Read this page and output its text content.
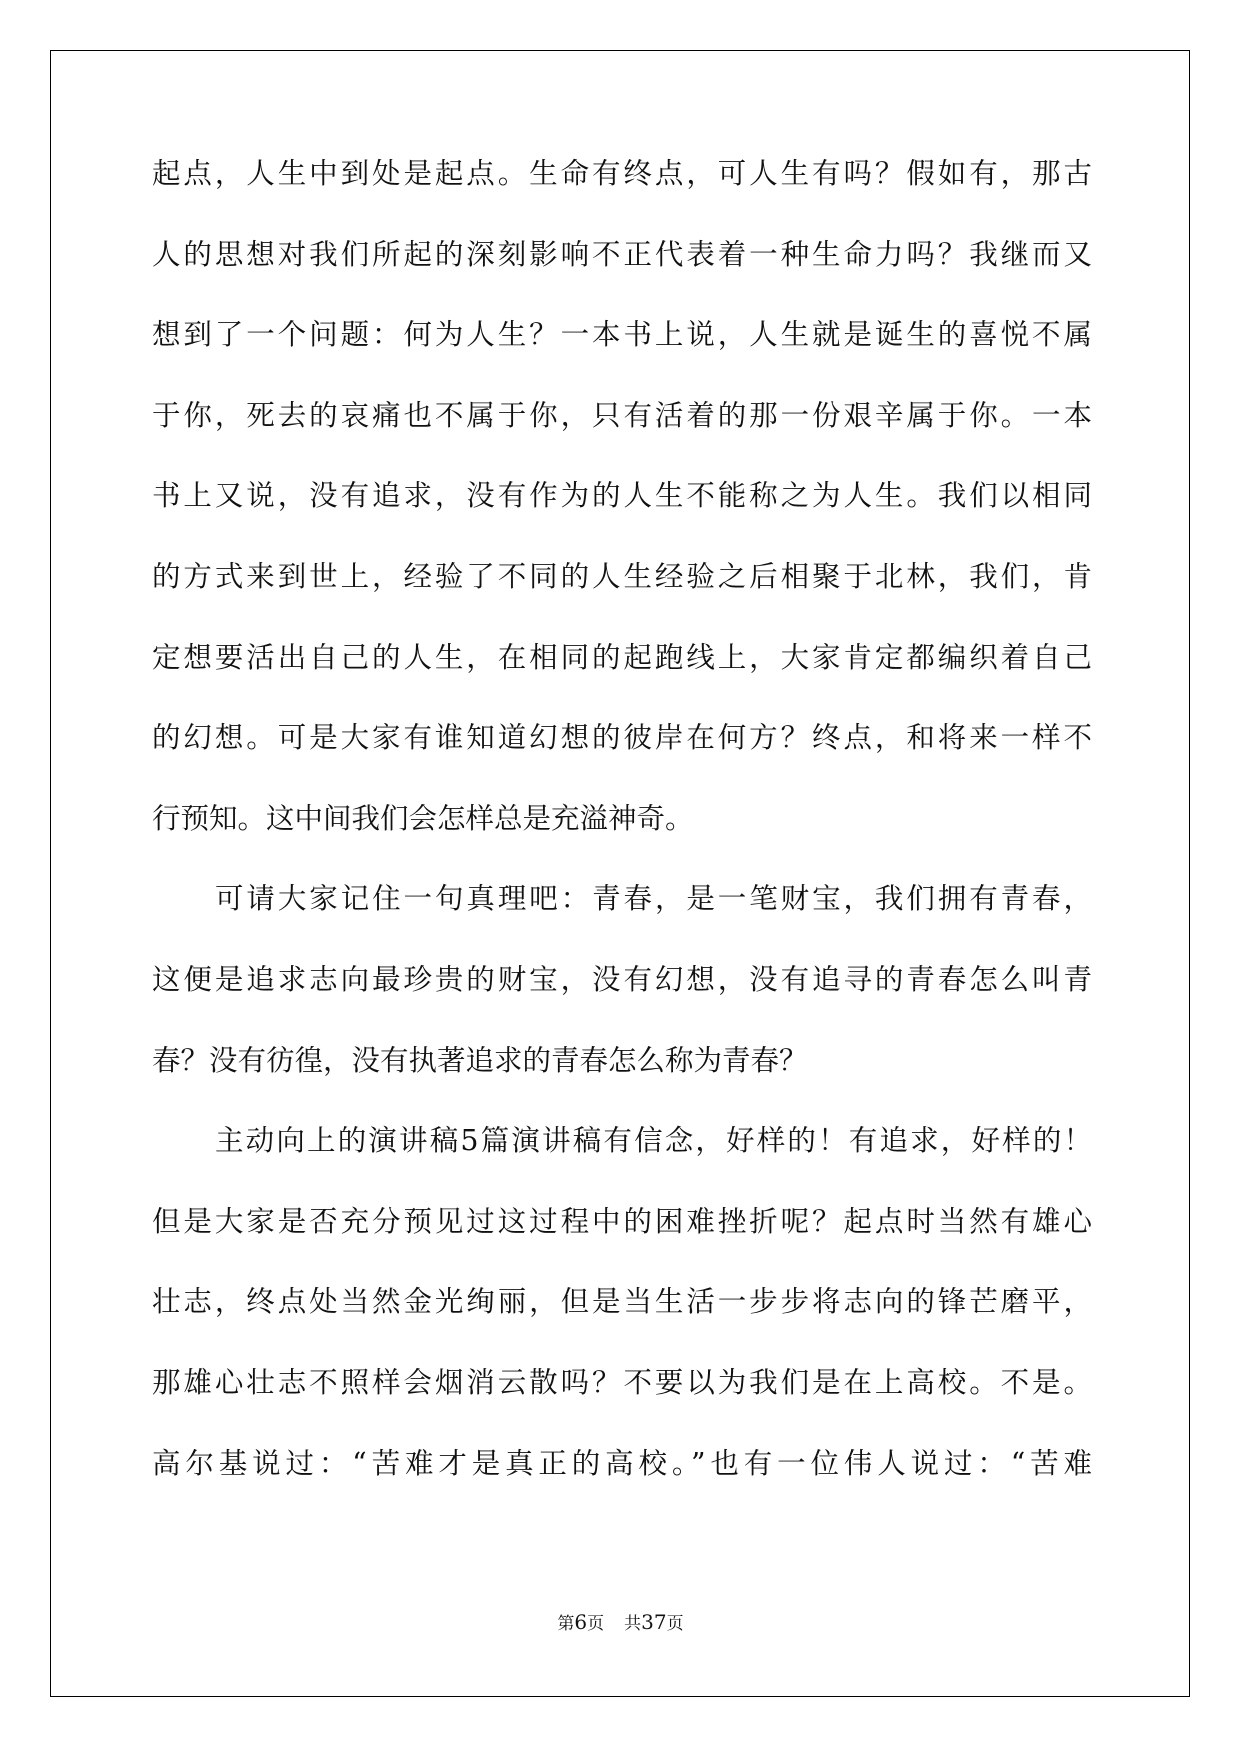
起点，人生中到处是起点。生命有终点，可人生有吗？假如有，那古
人的思想对我们所起的深刻影响不正代表着一种生命力吗？我继而又
想到了一个问题：何为人生？一本书上说，人生就是诞生的喜悦不属
于你，死去的哀痛也不属于你，只有活着的那一份艰辛属于你。一本
书上又说，没有追求，没有作为的人生不能称之为人生。我们以相同
的方式来到世上，经验了不同的人生经验之后相聚于北林，我们，肯
定想要活出自己的人生，在相同的起跑线上，大家肯定都编织着自己
的幻想。可是大家有谁知道幻想的彼岸在何方？终点，和将来一样不
行预知。这中间我们会怎样总是充溢神奇。
可请大家记住一句真理吧：青春，是一笔财宝，我们拥有青春，
这便是追求志向最珍贵的财宝，没有幻想，没有追寻的青春怎么叫青
春？没有彷徨，没有执著追求的青春怎么称为青春？
主动向上的演讲稿5篇演讲稿有信念，好样的！有追求，好样的！
但是大家是否充分预见过这过程中的困难挫折呢？起点时当然有雄心
壮志，终点处当然金光绚丽，但是当生活一步步将志向的锋芒磨平，
那雄心壮志不照样会烟消云散吗？不要以为我们是在上高校。不是。
高尔基说过：“苦难才是真正的高校。”也有一位伟人说过：“苦难
第6页 共37页
